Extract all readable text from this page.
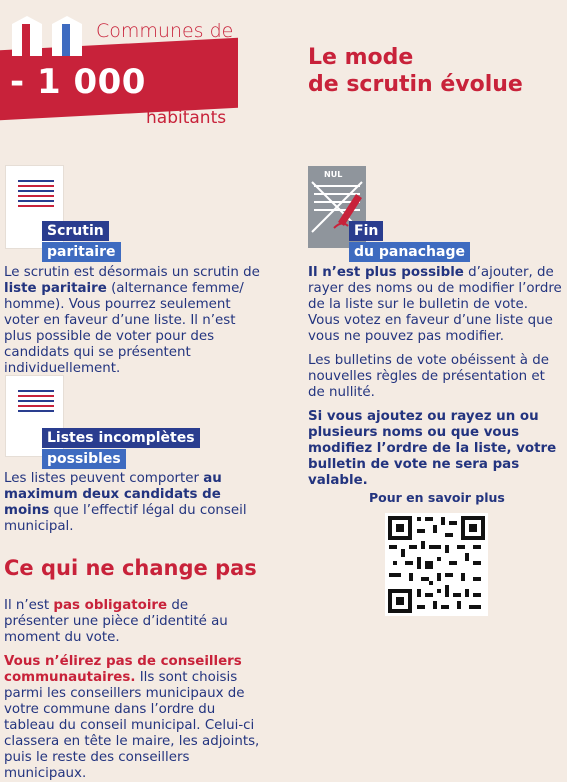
Communes de
- 1 000
habitants
Le mode
de scrutin évolue
Scrutin
paritaire
Le scrutin est désormais un scrutin de liste paritaire (alternance femme/ homme). Vous pourrez seulement voter en faveur d’une liste. Il n’est plus possible de voter pour des candidats qui se présentent individuellement.
Listes incomplètes
possibles
Les listes peuvent comporter au maximum deux candidats de moins que l’effectif légal du conseil municipal.
NUL
Fin
du panachage
Il n’est plus possible d’ajouter, de rayer des noms ou de modifier l’ordre de la liste sur le bulletin de vote. Vous votez en faveur d’une liste que vous ne pouvez pas modifier.
Les bulletins de vote obéissent à de nouvelles règles de présentation et de nullité.
Si vous ajoutez ou rayez un ou plusieurs noms ou que vous modifiez l’ordre de la liste, votre bulletin de vote ne sera pas valable.
Pour en savoir plus
Ce qui ne change pas
Il n’est pas obligatoire de présenter une pièce d’identité au moment du vote.
Vous n’élirez pas de conseillers communautaires. Ils sont choisis parmi les conseillers municipaux de votre commune dans l’ordre du tableau du conseil municipal. Celui-ci classera en tête le maire, les adjoints, puis le reste des conseillers municipaux.
